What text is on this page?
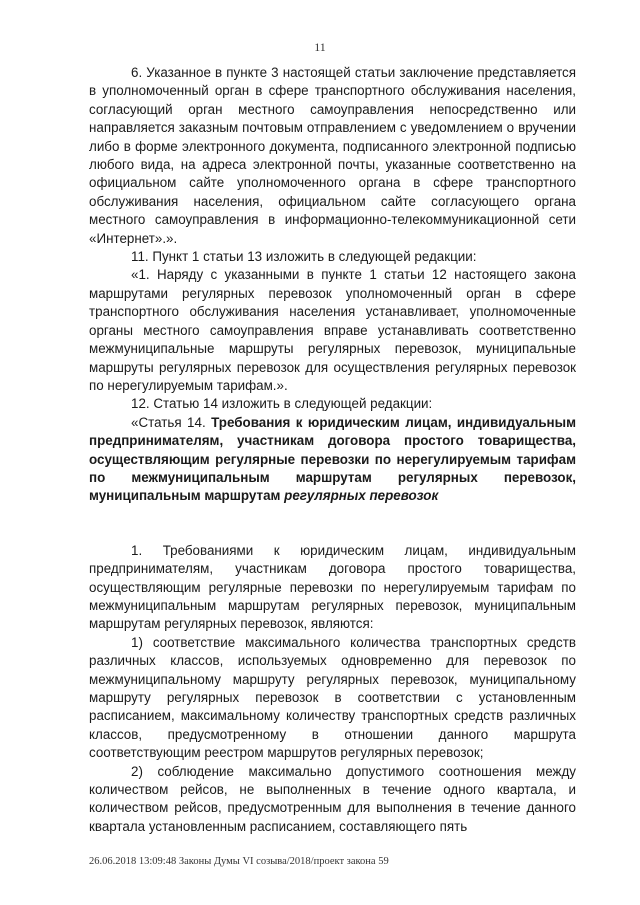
11

6. Указанное в пункте 3 настоящей статьи заключение представляется в уполномоченный орган в сфере транспортного обслуживания населения, согласующий орган местного самоуправления непосредственно или направляется заказным почтовым отправлением с уведомлением о вручении либо в форме электронного документа, подписанного электронной подписью любого вида, на адреса электронной почты, указанные соответственно на официальном сайте уполномоченного органа в сфере транспортного обслуживания населения, официальном сайте согласующего органа местного самоуправления в информационно-телекоммуникационной сети «Интернет».».

11. Пункт 1 статьи 13 изложить в следующей редакции:

«1. Наряду с указанными в пункте 1 статьи 12 настоящего закона маршрутами регулярных перевозок уполномоченный орган в сфере транспортного обслуживания населения устанавливает, уполномоченные органы местного самоуправления вправе устанавливать соответственно межмуниципальные маршруты регулярных перевозок, муниципальные маршруты регулярных перевозок для осуществления регулярных перевозок по нерегулируемым тарифам.».

12. Статью 14 изложить в следующей редакции:

«Статья 14. Требования к юридическим лицам, индивидуальным предпринимателям, участникам договора простого товарищества, осуществляющим регулярные перевозки по нерегулируемым тарифам по межмуниципальным маршрутам регулярных перевозок, муниципальным маршрутам регулярных перевозок

1. Требованиями к юридическим лицам, индивидуальным предпринимателям, участникам договора простого товарищества, осуществляющим регулярные перевозки по нерегулируемым тарифам по межмуниципальным маршрутам регулярных перевозок, муниципальным маршрутам регулярных перевозок, являются:

1) соответствие максимального количества транспортных средств различных классов, используемых одновременно для перевозок по межмуниципальному маршруту регулярных перевозок, муниципальному маршруту регулярных перевозок в соответствии с установленным расписанием, максимальному количеству транспортных средств различных классов, предусмотренному в отношении данного маршрута соответствующим реестром маршрутов регулярных перевозок;

2) соблюдение максимально допустимого соотношения между количеством рейсов, не выполненных в течение одного квартала, и количеством рейсов, предусмотренным для выполнения в течение данного квартала установленным расписанием, составляющего пять

26.06.2018 13:09:48 Законы Думы VI созыва/2018/проект закона 59
